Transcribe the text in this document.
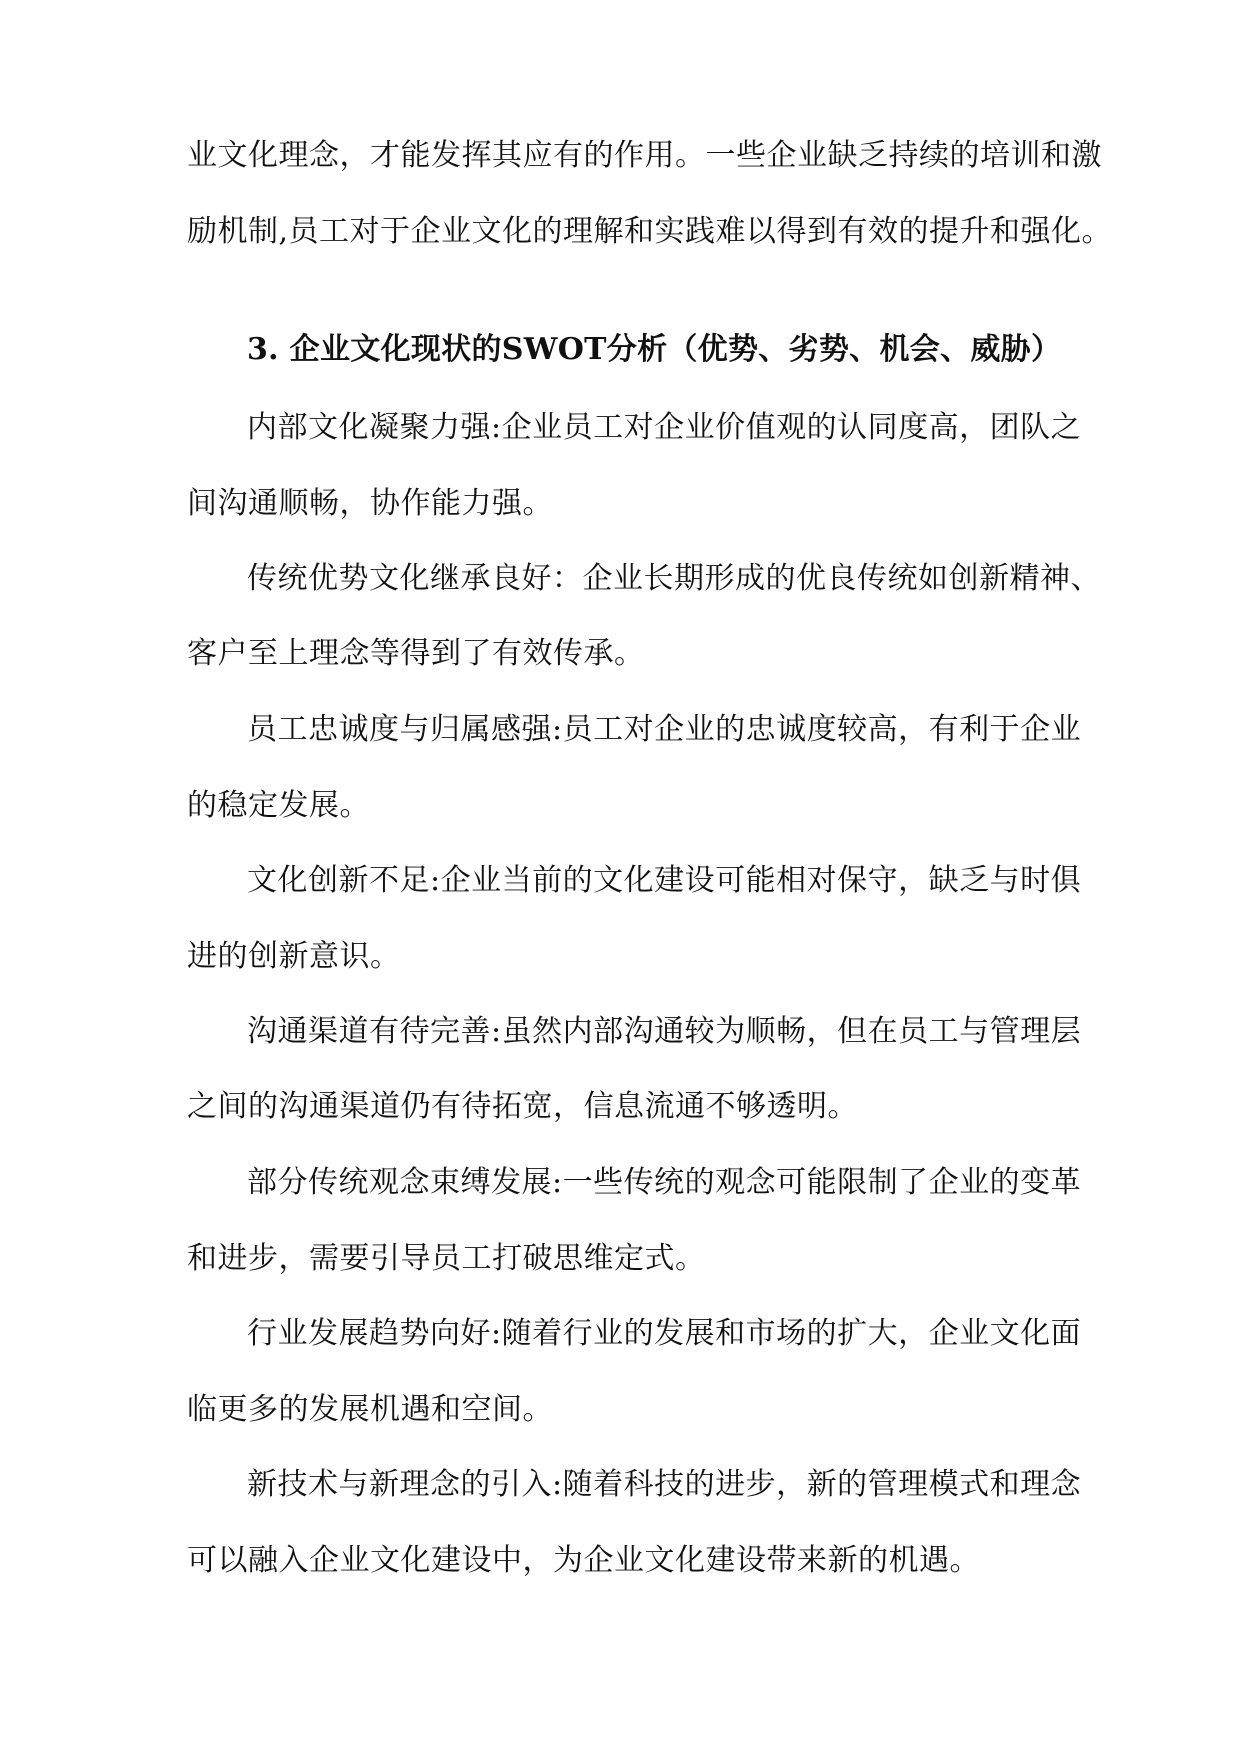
业文化理念，才能发挥其应有的作用。一些企业缺乏持续的培训和激
励机制,员工对于企业文化的理解和实践难以得到有效的提升和强化。
3. 企业文化现状的SWOT分析（优势、劣势、机会、威胁）
内部文化凝聚力强:企业员工对企业价值观的认同度高，团队之
间沟通顺畅，协作能力强。
传统优势文化继承良好：企业长期形成的优良传统如创新精神、
客户至上理念等得到了有效传承。
员工忠诚度与归属感强:员工对企业的忠诚度较高，有利于企业
的稳定发展。
文化创新不足:企业当前的文化建设可能相对保守，缺乏与时俱
进的创新意识。
沟通渠道有待完善:虽然内部沟通较为顺畅，但在员工与管理层
之间的沟通渠道仍有待拓宽，信息流通不够透明。
部分传统观念束缚发展:一些传统的观念可能限制了企业的变革
和进步，需要引导员工打破思维定式。
行业发展趋势向好:随着行业的发展和市场的扩大，企业文化面
临更多的发展机遇和空间。
新技术与新理念的引入:随着科技的进步，新的管理模式和理念
可以融入企业文化建设中，为企业文化建设带来新的机遇。
